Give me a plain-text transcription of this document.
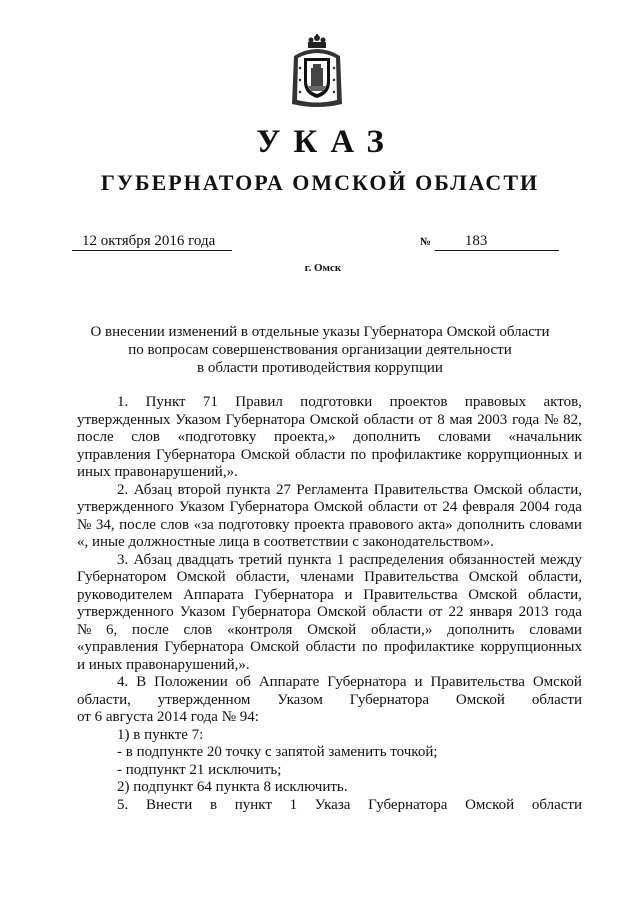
УКАЗ
ГУБЕРНАТОРА ОМСКОЙ ОБЛАСТИ
12 октября 2016 года	№ 183
г. Омск
О внесении изменений в отдельные указы Губернатора Омской области
по вопросам совершенствования организации деятельности
в области противодействия коррупции
1. Пункт 71 Правил подготовки проектов правовых актов,
утвержденных Указом Губернатора Омской области от 8 мая 2003 года № 82,
после слов «подготовку проекта,» дополнить словами «начальник
управления Губернатора Омской области по профилактике коррупционных и
иных правонарушений,».
2. Абзац второй пункта 27 Регламента Правительства Омской области,
утвержденного Указом Губернатора Омской области от 24 февраля 2004 года
№ 34, после слов «за подготовку проекта правового акта» дополнить словами
«, иные должностные лица в соответствии с законодательством».
3. Абзац двадцать третий пункта 1 распределения обязанностей между
Губернатором Омской области, членами Правительства Омской области,
руководителем Аппарата Губернатора и Правительства Омской области,
утвержденного Указом Губернатора Омской области от 22 января 2013 года
№ 6, после слов «контроля Омской области,» дополнить словами
«управления Губернатора Омской области по профилактике коррупционных
и иных правонарушений,».
4. В Положении об Аппарате Губернатора и Правительства Омской
области, утвержденном Указом Губернатора Омской области
от 6 августа 2014 года № 94:
1) в пункте 7:
- в подпункте 20 точку с запятой заменить точкой;
- подпункт 21 исключить;
2) подпункт 64 пункта 8 исключить.
5. Внести в пункт 1 Указа Губернатора Омской области
